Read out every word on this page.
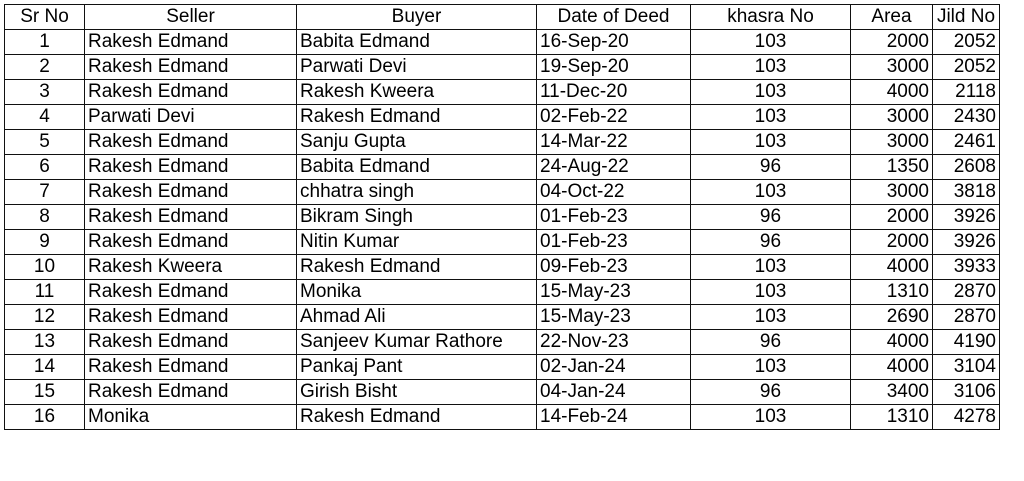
Sr No	Seller	Buyer	Date of Deed	khasra No	Area	Jild No
1	Rakesh Edmand	Babita Edmand	16-Sep-20	103	2000	2052
2	Rakesh Edmand	Parwati Devi	19-Sep-20	103	3000	2052
3	Rakesh Edmand	Rakesh Kweera	11-Dec-20	103	4000	2118
4	Parwati Devi	Rakesh Edmand	02-Feb-22	103	3000	2430
5	Rakesh Edmand	Sanju Gupta	14-Mar-22	103	3000	2461
6	Rakesh Edmand	Babita Edmand	24-Aug-22	96	1350	2608
7	Rakesh Edmand	chhatra singh	04-Oct-22	103	3000	3818
8	Rakesh Edmand	Bikram Singh	01-Feb-23	96	2000	3926
9	Rakesh Edmand	Nitin Kumar	01-Feb-23	96	2000	3926
10	Rakesh Kweera	Rakesh Edmand	09-Feb-23	103	4000	3933
11	Rakesh Edmand	Monika	15-May-23	103	1310	2870
12	Rakesh Edmand	Ahmad Ali	15-May-23	103	2690	2870
13	Rakesh Edmand	Sanjeev Kumar Rathore	22-Nov-23	96	4000	4190
14	Rakesh Edmand	Pankaj Pant	02-Jan-24	103	4000	3104
15	Rakesh Edmand	Girish Bisht	04-Jan-24	96	3400	3106
16	Monika	Rakesh Edmand	14-Feb-24	103	1310	4278
